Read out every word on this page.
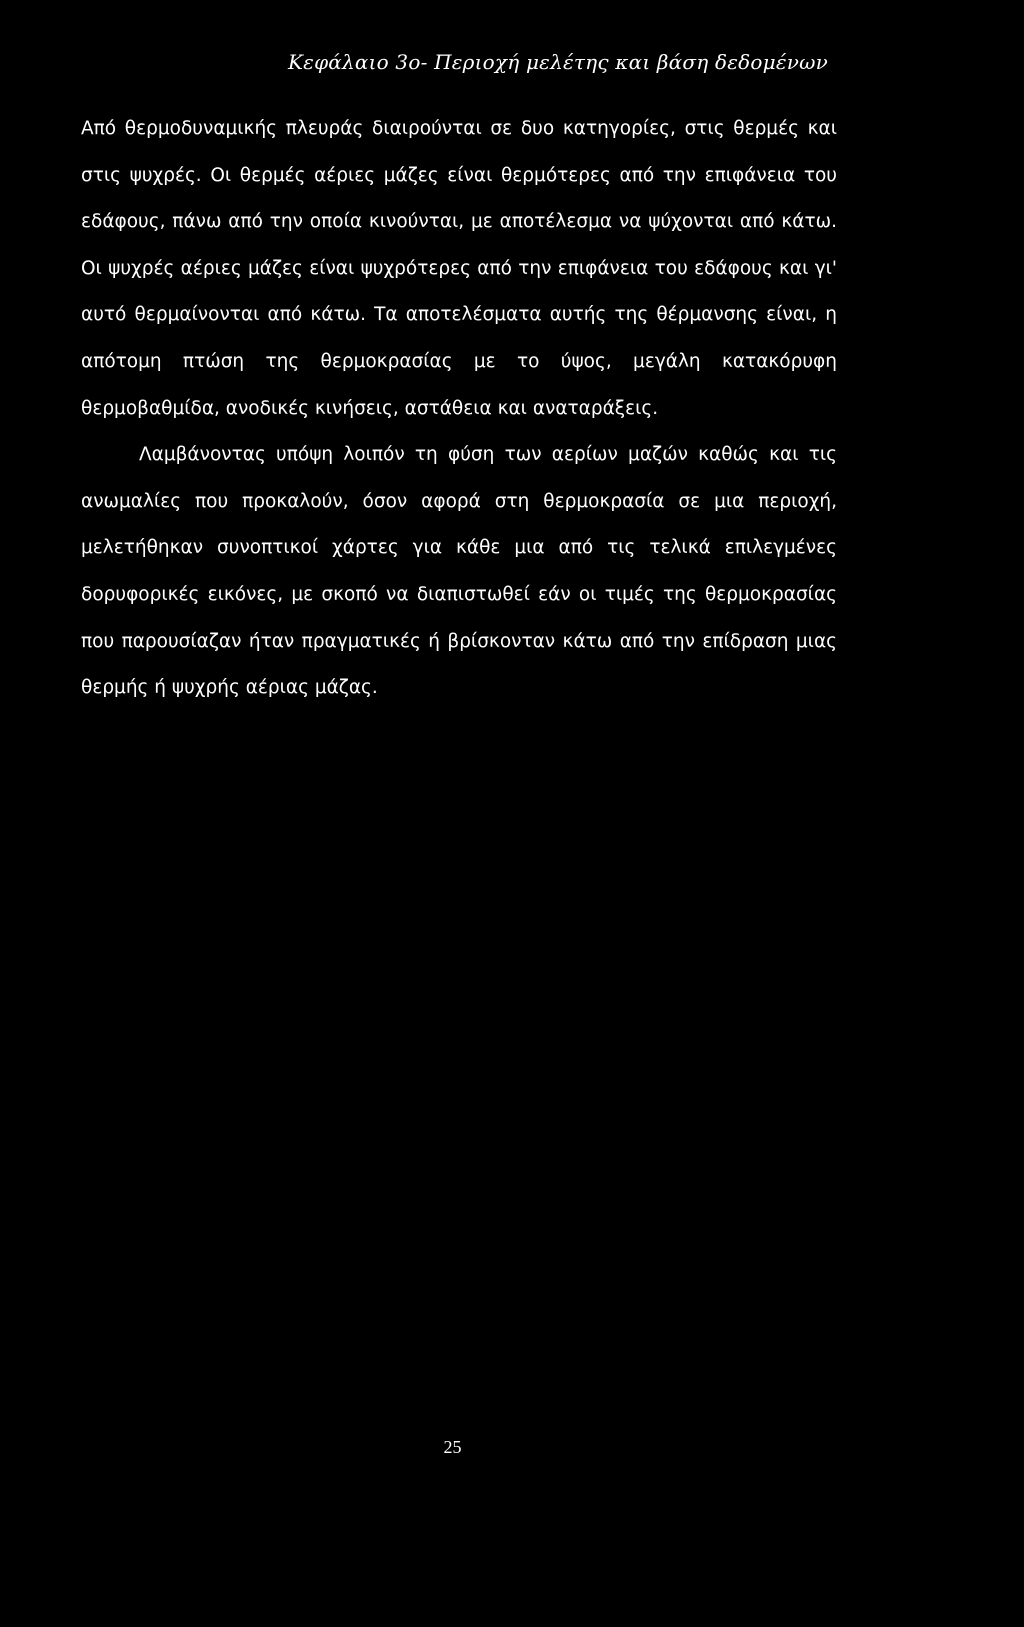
Κεφάλαιο 3ο- Περιοχή μελέτης και βάση δεδομένων

Από θερμοδυναμικής πλευράς διαιρούνται σε δυο κατηγορίες, στις θερμές και στις ψυχρές. Οι θερμές αέριες μάζες είναι θερμότερες από την επιφάνεια του εδάφους, πάνω από την οποία κινούνται, με αποτέλεσμα να ψύχονται από κάτω. Οι ψυχρές αέριες μάζες είναι ψυχρότερες από την επιφάνεια του εδάφους και γι' αυτό θερμαίνονται από κάτω. Τα αποτελέσματα αυτής της θέρμανσης είναι, η απότομη πτώση της θερμοκρασίας με το ύψος, μεγάλη κατακόρυφη θερμοβαθμίδα, ανοδικές κινήσεις, αστάθεια και αναταράξεις.

Λαμβάνοντας υπόψη λοιπόν τη φύση των αερίων μαζών καθώς και τις ανωμαλίες που προκαλούν, όσον αφορά στη θερμοκρασία σε μια περιοχή, μελετήθηκαν συνοπτικοί χάρτες για κάθε μια από τις τελικά επιλεγμένες δορυφορικές εικόνες, με σκοπό να διαπιστωθεί εάν οι τιμές της θερμοκρασίας που παρουσίαζαν ήταν πραγματικές ή βρίσκονταν κάτω από την επίδραση μιας θερμής ή ψυχρής αέριας μάζας.

25
